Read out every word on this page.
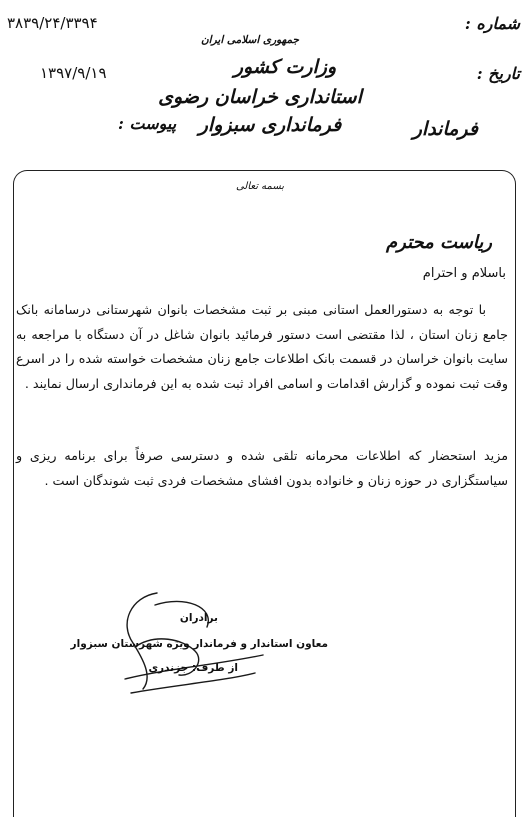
شماره :
۳۸۳۹/۲۴/۳۳۹۴
تاریخ :
۱۳۹۷/۹/۱۹
پیوست :
جمهوری اسلامی ایران
وزارت کشور
استانداری خراسان رضوی
فرمانداری سبزوار	فرماندار
بسمه تعالی
ریاست محترم
باسلام و احترام

با توجه به دستورالعمل استانی مبنی بر ثبت مشخصات بانوان شهرستانی درسامانه بانک جامع زنان استان ، لذا مقتضی است دستور فرمائید بانوان شاغل در آن دستگاه با مراجعه به سایت بانوان خراسان در قسمت بانک اطلاعات جامع زنان مشخصات خواسته شده را در اسرع وقت ثبت نموده و گزارش اقدامات و اسامی افراد ثبت شده به این فرمانداری ارسال نمایند .

مزید استحضار که اطلاعات محرمانه تلقی شده و دسترسی صرفاً برای برنامه ریزی و سیاستگزاری در حوزه زنان و خانواده بدون افشای مشخصات فردی ثبت شوندگان است .

برادران
معاون استاندار و فرماندار ویژه شهرستان سبزوار
از طرف: جزندری
